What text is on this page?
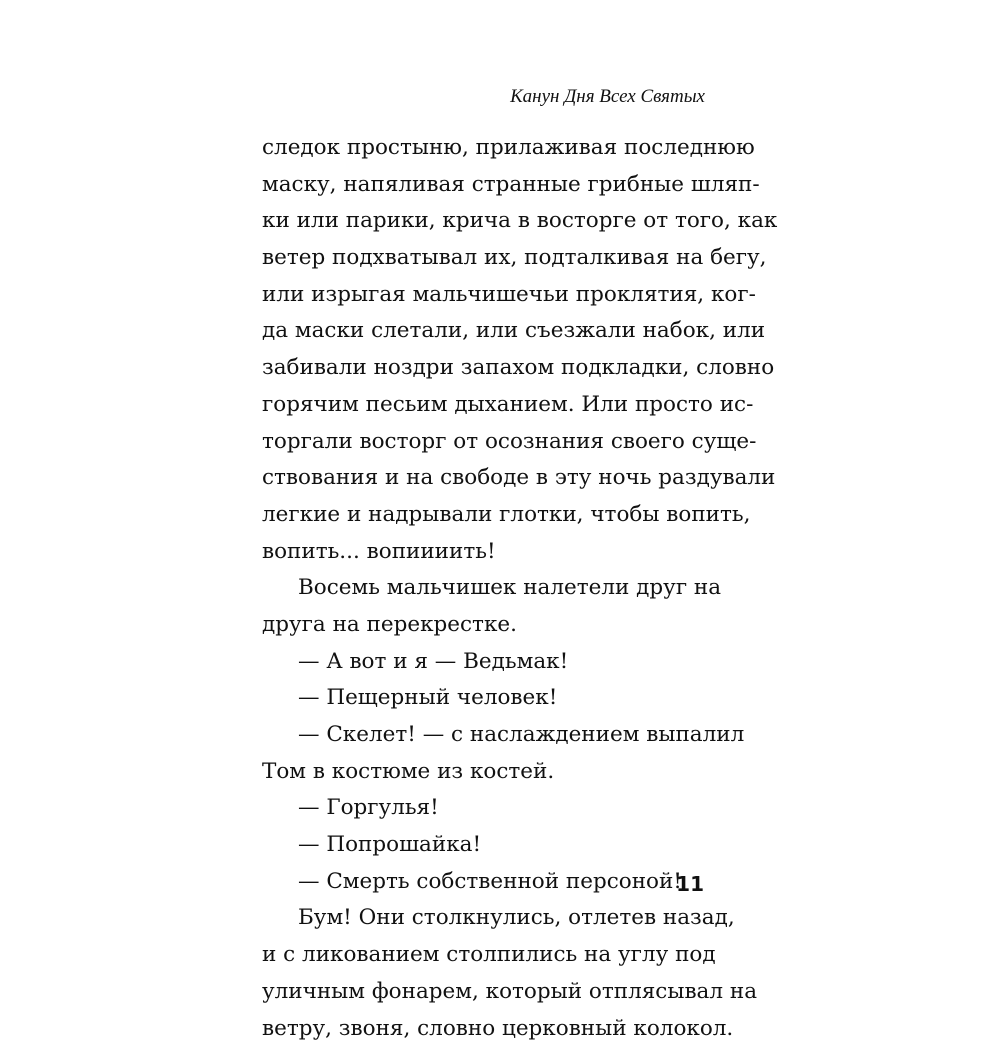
Канун Дня Всех Святых
следок простыню, прилаживая последнюю
маску, напяливая странные грибные шляп-
ки или парики, крича в восторге от того, как
ветер подхватывал их, подталкивая на бегу,
или изрыгая мальчишечьи проклятия, ког-
да маски слетали, или съезжали набок, или
забивали ноздри запахом подкладки, словно
горячим песьим дыханием. Или просто ис-
торгали восторг от осознания своего суще-
ствования и на свободе в эту ночь раздували
легкие и надрывали глотки, чтобы вопить,
вопить... вопиииить!
Восемь мальчишек налетели друг на
друга на перекрестке.
— А вот и я — Ведьмак!
— Пещерный человек!
— Скелет! — с наслаждением выпалил
Том в костюме из костей.
— Горгулья!
— Попрошайка!
— Смерть собственной персоной!
Бум! Они столкнулись, отлетев назад,
и с ликованием столпились на углу под
уличным фонарем, который отплясывал на
ветру, звоня, словно церковный колокол.
11
